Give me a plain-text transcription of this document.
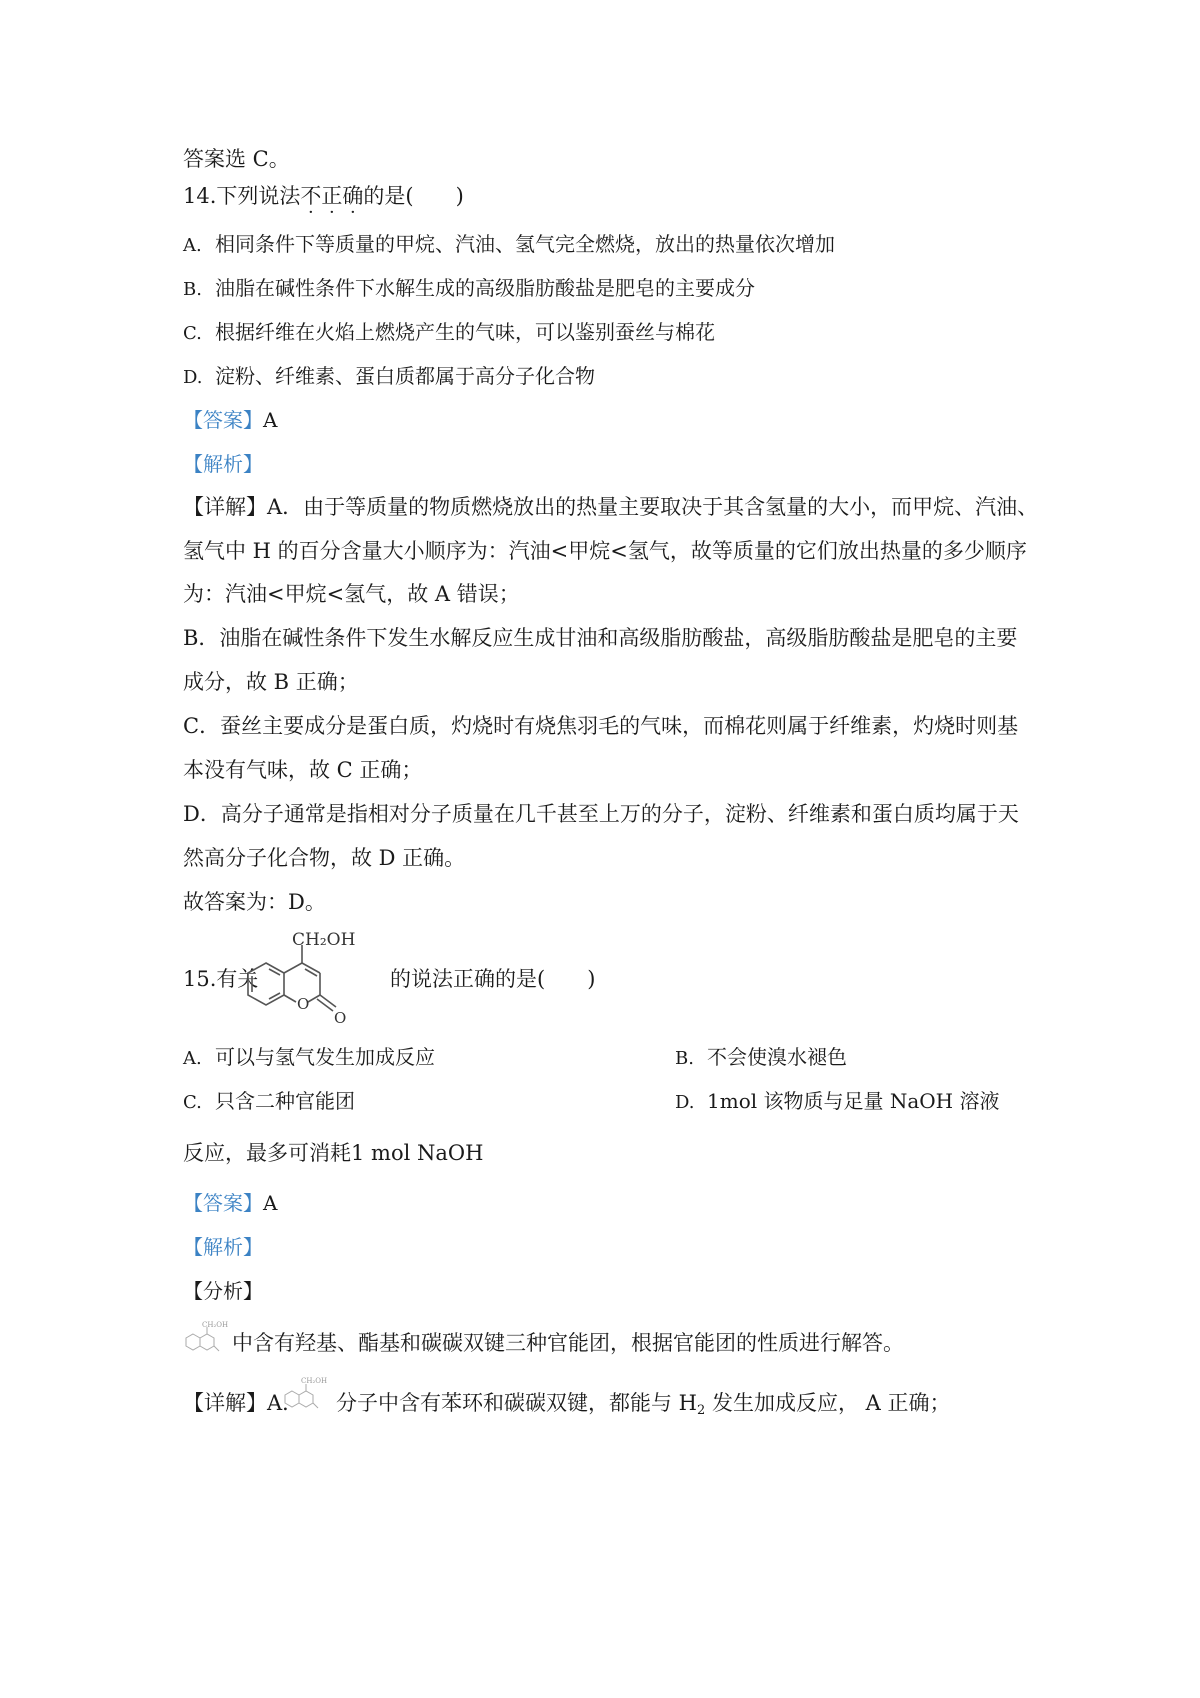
答案选 C。
14.下列说法不正确的是(　　)
A. 相同条件下等质量的甲烷、汽油、氢气完全燃烧，放出的热量依次增加
B. 油脂在碱性条件下水解生成的高级脂肪酸盐是肥皂的主要成分
C. 根据纤维在火焰上燃烧产生的气味，可以鉴别蚕丝与棉花
D. 淀粉、纤维素、蛋白质都属于高分子化合物
【答案】A
【解析】
【详解】A．由于等质量的物质燃烧放出的热量主要取决于其含氢量的大小，而甲烷、汽油、
氢气中 H 的百分含量大小顺序为：汽油<甲烷<氢气，故等质量的它们放出热量的多少顺序
为：汽油<甲烷<氢气，故 A 错误；
B．油脂在碱性条件下发生水解反应生成甘油和高级脂肪酸盐，高级脂肪酸盐是肥皂的主要
成分，故 B 正确；
C．蚕丝主要成分是蛋白质，灼烧时有烧焦羽毛的气味，而棉花则属于纤维素，灼烧时则基
本没有气味，故 C 正确；
D．高分子通常是指相对分子质量在几千甚至上万的分子，淀粉、纤维素和蛋白质均属于天
然高分子化合物，故 D 正确。
故答案为：D。
15.有关
CH₂OH
O
O
的说法正确的是(　　)
A. 可以与氢气发生加成反应	B. 不会使溴水褪色
C. 只含二种官能团	D. 1mol 该物质与足量 NaOH 溶液
反应，最多可消耗1 mol NaOH
【答案】A
【解析】
【分析】
CH₂OH
中含有羟基、酯基和碳碳双键三种官能团，根据官能团的性质进行解答。
【详解】A．
CH₂OH
分子中含有苯环和碳碳双键，都能与 $H_2$ 发生加成反应， A 正确；
